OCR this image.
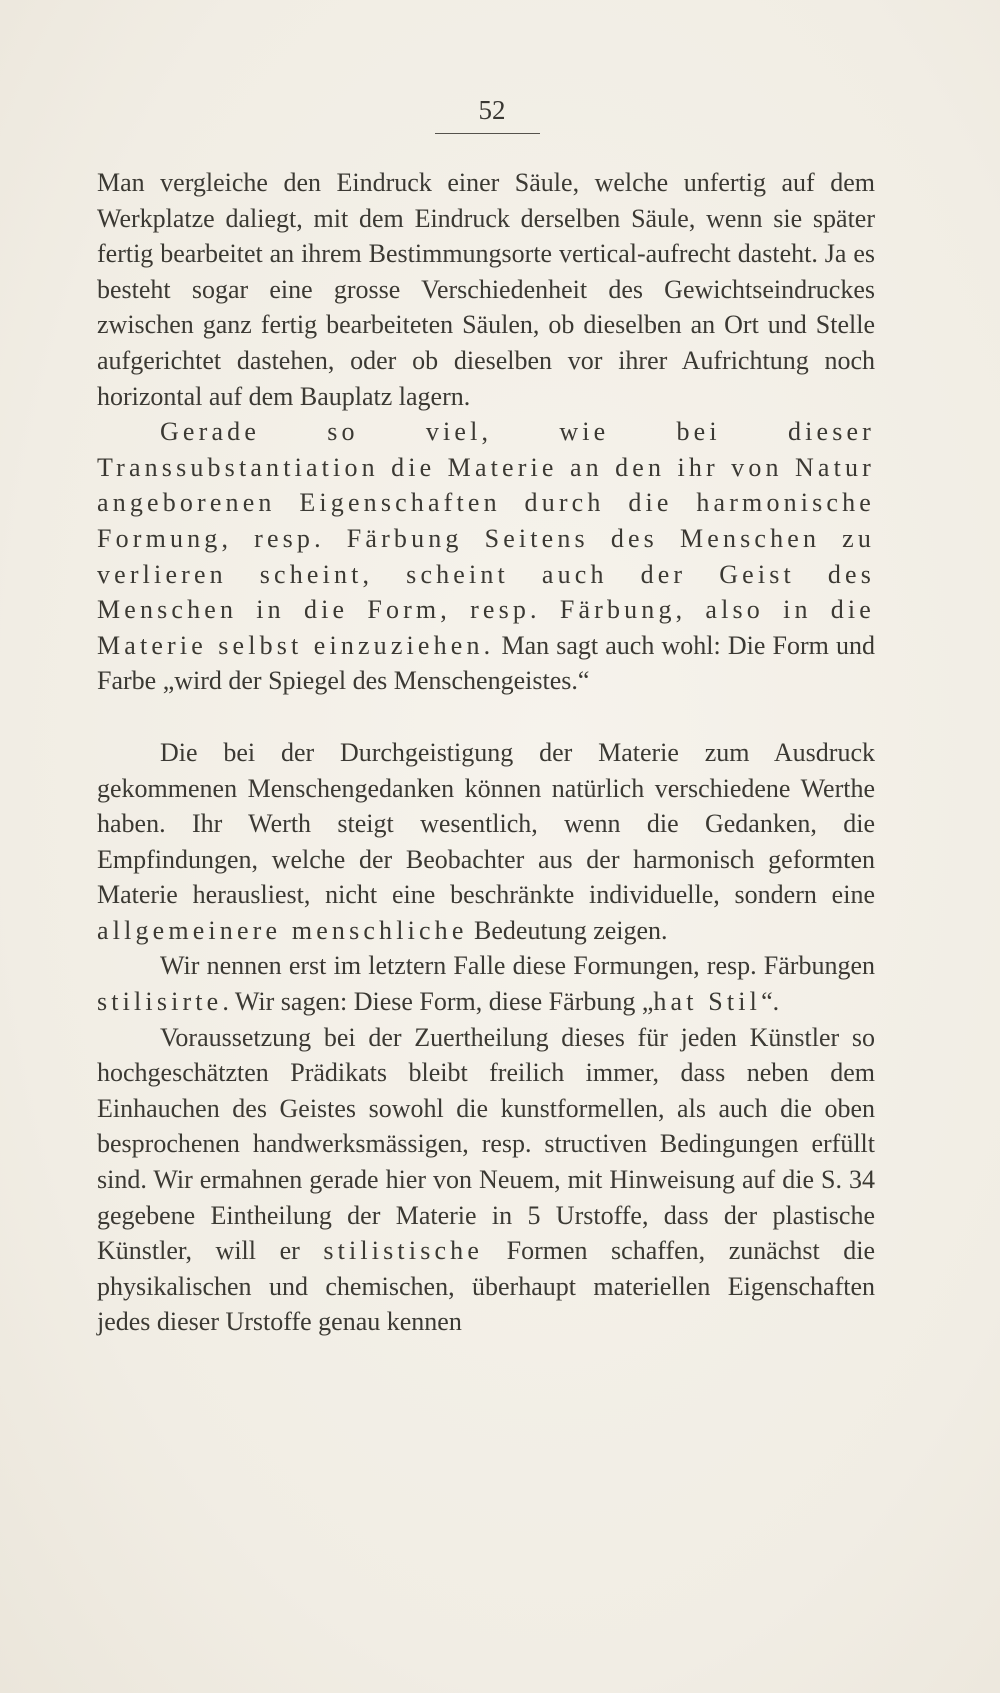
52

Man vergleiche den Eindruck einer Säule, welche unfertig auf dem Werkplatze daliegt, mit dem Eindruck derselben Säule, wenn sie später fertig bearbeitet an ihrem Bestimmungsorte vertical-aufrecht dasteht. Ja es besteht sogar eine grosse Verschiedenheit des Gewichtseindruckes zwischen ganz fertig bearbeiteten Säulen, ob dieselben an Ort und Stelle aufgerichtet dastehen, oder ob dieselben vor ihrer Aufrichtung noch horizontal auf dem Bauplatz lagern.

Gerade so viel, wie bei dieser Transsubstantiation die Materie an den ihr von Natur angeborenen Eigenschaften durch die harmonische Formung, resp. Färbung Seitens des Menschen zu verlieren scheint, scheint auch der Geist des Menschen in die Form, resp. Färbung, also in die Materie selbst einzuziehen. Man sagt auch wohl: Die Form und Farbe „wird der Spiegel des Menschengeistes.“

Die bei der Durchgeistigung der Materie zum Ausdruck gekommenen Menschengedanken können natürlich verschiedene Werthe haben. Ihr Werth steigt wesentlich, wenn die Gedanken, die Empfindungen, welche der Beobachter aus der harmonisch geformten Materie herausliest, nicht eine beschränkte individuelle, sondern eine allgemeinere menschliche Bedeutung zeigen.

Wir nennen erst im letztern Falle diese Formungen, resp. Färbungen stilisirte. Wir sagen: Diese Form, diese Färbung „hat Stil“.

Voraussetzung bei der Zuertheilung dieses für jeden Künstler so hochgeschätzten Prädikats bleibt freilich immer, dass neben dem Einhauchen des Geistes sowohl die kunstformellen, als auch die oben besprochenen handwerksmässigen, resp. structiven Bedingungen erfüllt sind. Wir ermahnen gerade hier von Neuem, mit Hinweisung auf die S. 34 gegebene Eintheilung der Materie in 5 Urstoffe, dass der plastische Künstler, will er stilistische Formen schaffen, zunächst die physikalischen und chemischen, überhaupt materiellen Eigenschaften jedes dieser Urstoffe genau kennen
